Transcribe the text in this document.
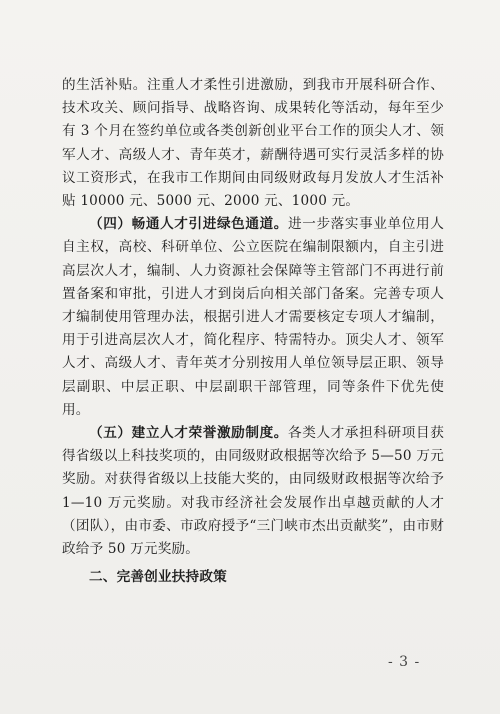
的生活补贴。注重人才柔性引进激励，到我市开展科研合作、技术攻关、顾问指导、战略咨询、成果转化等活动，每年至少有 3 个月在签约单位或各类创新创业平台工作的顶尖人才、领军人才、高级人才、青年英才，薪酬待遇可实行灵活多样的协议工资形式，在我市工作期间由同级财政每月发放人才生活补贴 10000 元、5000 元、2000 元、1000 元。

（四）畅通人才引进绿色通道。进一步落实事业单位用人自主权，高校、科研单位、公立医院在编制限额内，自主引进高层次人才，编制、人力资源社会保障等主管部门不再进行前置备案和审批，引进人才到岗后向相关部门备案。完善专项人才编制使用管理办法，根据引进人才需要核定专项人才编制，用于引进高层次人才，简化程序、特需特办。顶尖人才、领军人才、高级人才、青年英才分别按用人单位领导层正职、领导层副职、中层正职、中层副职干部管理，同等条件下优先使用。

（五）建立人才荣誉激励制度。各类人才承担科研项目获得省级以上科技奖项的，由同级财政根据等次给予 5—50 万元奖励。对获得省级以上技能大奖的，由同级财政根据等次给予 1—10 万元奖励。对我市经济社会发展作出卓越贡献的人才（团队），由市委、市政府授予“三门峡市杰出贡献奖”，由市财政给予 50 万元奖励。

二、完善创业扶持政策
- 3 -
